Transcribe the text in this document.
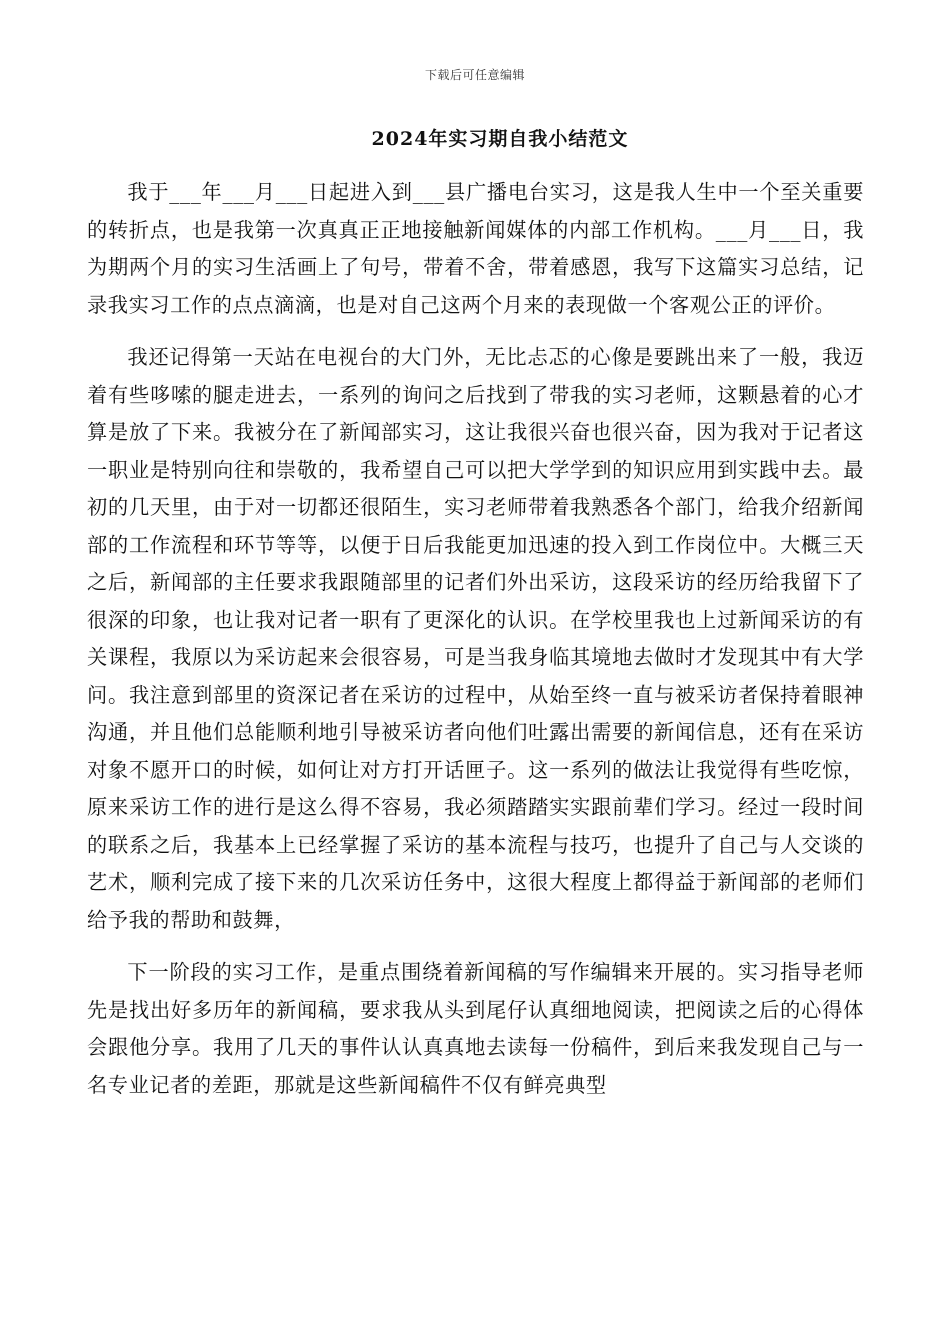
下载后可任意编辑
2024年实习期自我小结范文

我于___年___月___日起进入到___县广播电台实习，这是我人生中一个至关重要的转折点，也是我第一次真真正正地接触新闻媒体的内部工作机构。___月___日，我为期两个月的实习生活画上了句号，带着不舍，带着感恩，我写下这篇实习总结，记录我实习工作的点点滴滴，也是对自己这两个月来的表现做一个客观公正的评价。

我还记得第一天站在电视台的大门外，无比忐忑的心像是要跳出来了一般，我迈着有些哆嗦的腿走进去，一系列的询问之后找到了带我的实习老师，这颗悬着的心才算是放了下来。我被分在了新闻部实习，这让我很兴奋也很兴奋，因为我对于记者这一职业是特别向往和崇敬的，我希望自己可以把大学学到的知识应用到实践中去。最初的几天里，由于对一切都还很陌生，实习老师带着我熟悉各个部门，给我介绍新闻部的工作流程和环节等等，以便于日后我能更加迅速的投入到工作岗位中。大概三天之后，新闻部的主任要求我跟随部里的记者们外出采访，这段采访的经历给我留下了很深的印象，也让我对记者一职有了更深化的认识。在学校里我也上过新闻采访的有关课程，我原以为采访起来会很容易，可是当我身临其境地去做时才发现其中有大学问。我注意到部里的资深记者在采访的过程中，从始至终一直与被采访者保持着眼神沟通，并且他们总能顺利地引导被采访者向他们吐露出需要的新闻信息，还有在采访对象不愿开口的时候，如何让对方打开话匣子。这一系列的做法让我觉得有些吃惊，原来采访工作的进行是这么得不容易，我必须踏踏实实跟前辈们学习。经过一段时间的联系之后，我基本上已经掌握了采访的基本流程与技巧，也提升了自己与人交谈的艺术，顺利完成了接下来的几次采访任务中，这很大程度上都得益于新闻部的老师们给予我的帮助和鼓舞，

下一阶段的实习工作，是重点围绕着新闻稿的写作编辑来开展的。实习指导老师先是找出好多历年的新闻稿，要求我从头到尾仔认真细地阅读，把阅读之后的心得体会跟他分享。我用了几天的事件认认真真地去读每一份稿件，到后来我发现自己与一名专业记者的差距，那就是这些新闻稿件不仅有鲜亮典型
